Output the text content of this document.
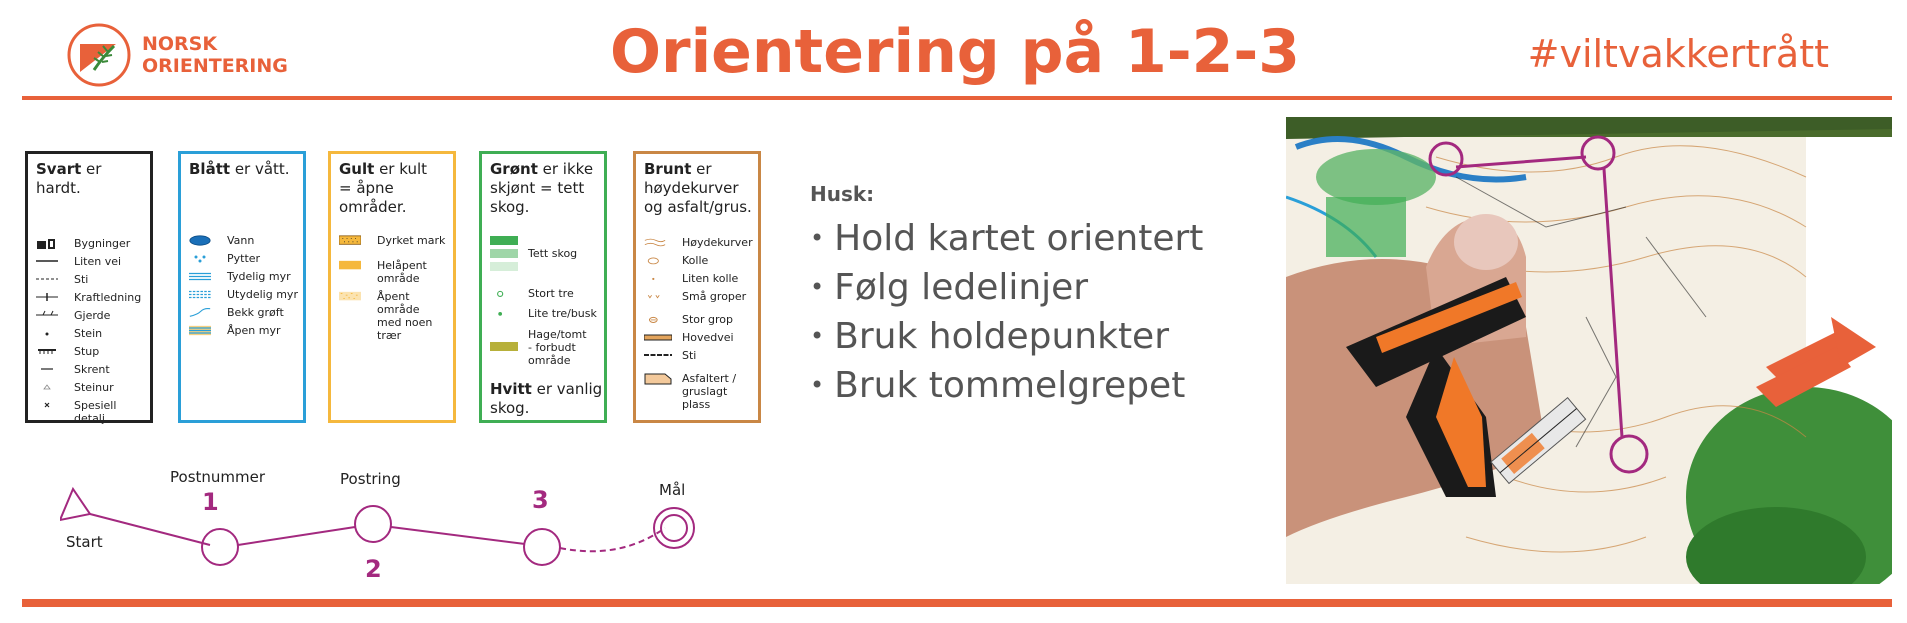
NORSK
ORIENTERING	Orientering på 1-2-3	#viltvakkertrått
Svart er hardt.
Bygninger
Liten vei
Sti
Kraftledning
Gjerde
Stein
Stup
Skrent
Steinur
Spesiell detalj
Blått er vått.
Vann
Pytter
Tydelig myr
Utydelig myr
Bekk grøft
Åpen myr
Gult er kult
= åpne områder.
Dyrket mark
Helåpent
område
Åpent område
med noen trær
Grønt er ikke
skjønt = tett skog.
Tett skog
Stort tre
Lite tre/busk
Hage/tomt
- forbudt
område
Hvitt er vanlig
skog.
Brunt er
høydekurver
og asfalt/grus.
Høydekurver
Kolle
Liten kolle
Små groper
Stor grop
Hovedvei
Sti
Asfaltert /
gruslagt plass
Husk:
• Hold kartet orientert
• Følg ledelinjer
• Bruk holdepunkter
• Bruk tommelgrepet
Start
Postnummer	Postring
Mål
1
2
3
